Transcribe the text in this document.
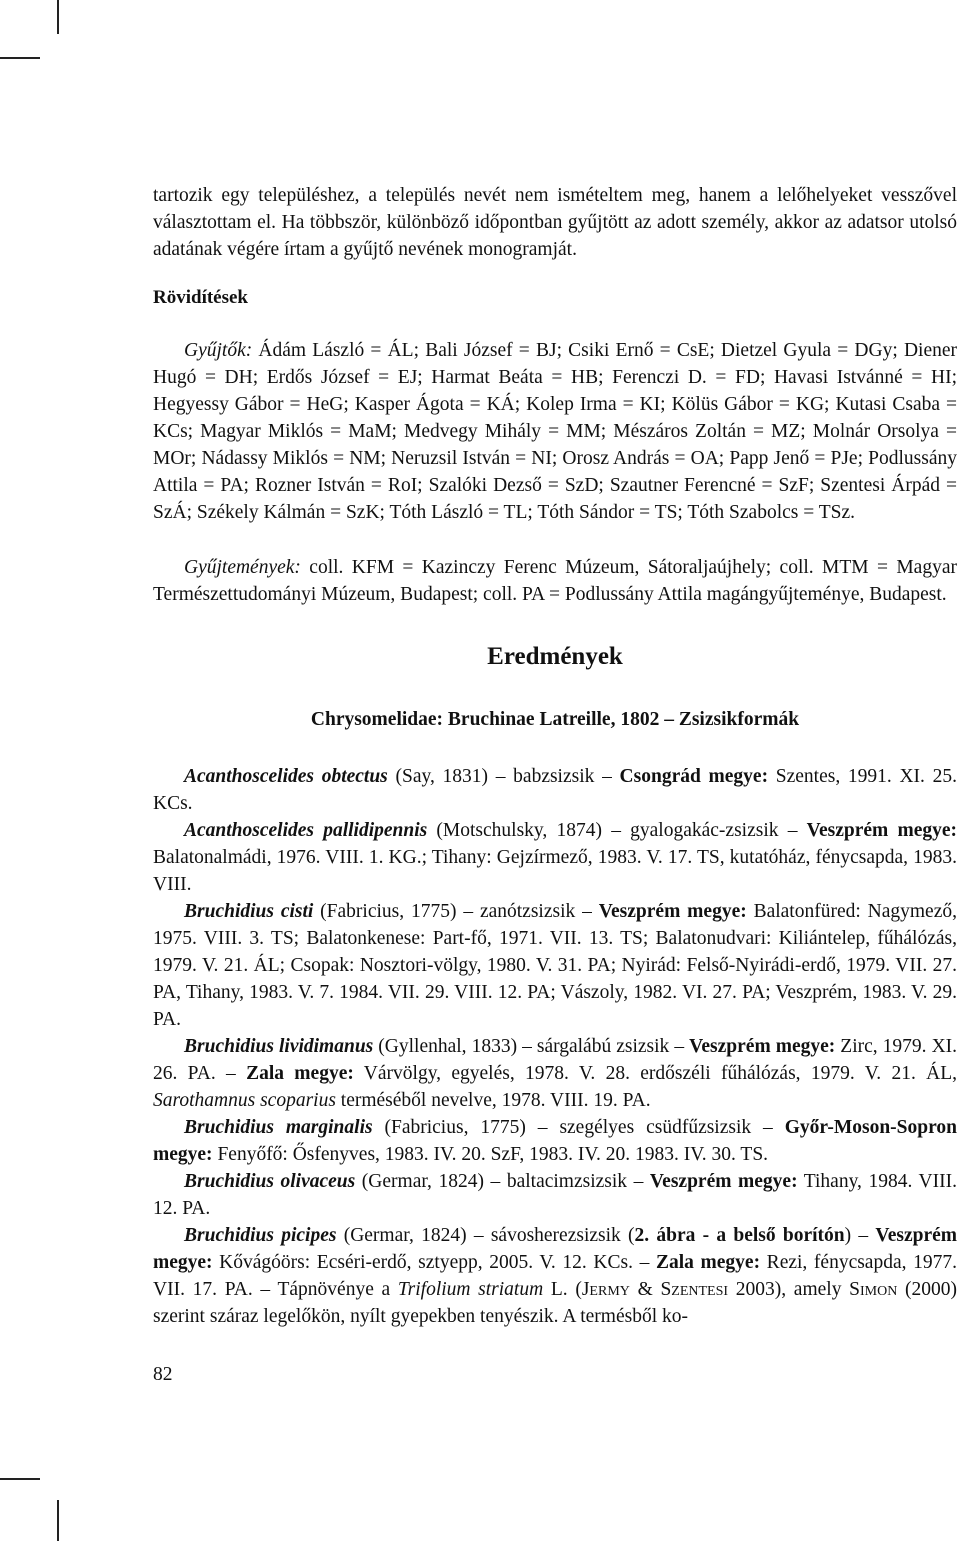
tartozik egy településhez, a település nevét nem ismételtem meg, hanem a lelőhelyeket vesszővel választottam el. Ha többször, különböző időpontban gyűjtött az adott személy, akkor az adatsor utolsó adatának végére írtam a gyűjtő nevének monogramját.

Rövidítések

Gyűjtők: Ádám László = ÁL; Bali József = BJ; Csiki Ernő = CsE; Dietzel Gyula = DGy; Diener Hugó = DH; Erdős József = EJ; Harmat Beáta = HB; Ferenczi D. = FD; Havasi Istvánné = HI; Hegyessy Gábor = HeG; Kasper Ágota = KÁ; Kolep Irma = KI; Kölüs Gábor = KG; Kutasi Csaba = KCs; Magyar Miklós = MaM; Medvegy Mihály = MM; Mészáros Zoltán = MZ; Molnár Orsolya = MOr; Nádassy Miklós = NM; Neruzsil István = NI; Orosz András = OA; Papp Jenő = PJe; Podlussány Attila = PA; Rozner István = RoI; Szalóki Dezső = SzD; Szautner Ferencné = SzF; Szentesi Árpád = SzÁ; Székely Kálmán = SzK; Tóth László = TL; Tóth Sándor = TS; Tóth Szabolcs = TSz.

Gyűjtemények: coll. KFM = Kazinczy Ferenc Múzeum, Sátoraljaújhely; coll. MTM = Magyar Természettudományi Múzeum, Budapest; coll. PA = Podlussány Attila magángyűjteménye, Budapest.

Eredmények
Chrysomelidae: Bruchinae Latreille, 1802 – Zsizsikformák

Acanthoscelides obtectus (Say, 1831) – babzsizsik – Csongrád megye: Szentes, 1991. XI. 25. KCs.

Acanthoscelides pallidipennis (Motschulsky, 1874) – gyalogakác-zsizsik – Veszprém megye: Balatonalmádi, 1976. VIII. 1. KG.; Tihany: Gejzírmező, 1983. V. 17. TS, kutatóház, fénycsapda, 1983. VIII.

Bruchidius cisti (Fabricius, 1775) – zanótzsizsik – Veszprém megye: Balatonfüred: Nagymező, 1975. VIII. 3. TS; Balatonkenese: Part-fő, 1971. VII. 13. TS; Balatonudvari: Kiliántelep, fűhálózás, 1979. V. 21. ÁL; Csopak: Nosztori-völgy, 1980. V. 31. PA; Nyirád: Felső-Nyirádi-erdő, 1979. VII. 27. PA, Tihany, 1983. V. 7. 1984. VII. 29. VIII. 12. PA; Vászoly, 1982. VI. 27. PA; Veszprém, 1983. V. 29. PA.

Bruchidius lividimanus (Gyllenhal, 1833) – sárgalábú zsizsik – Veszprém megye: Zirc, 1979. XI. 26. PA. – Zala megye: Várvölgy, egyelés, 1978. V. 28. erdőszéli fűhálózás, 1979. V. 21. ÁL, Sarothamnus scoparius terméséből nevelve, 1978. VIII. 19. PA.

Bruchidius marginalis (Fabricius, 1775) – szegélyes csüdfűzsizsik – Győr-Moson-Sopron megye: Fenyőfő: Ősfenyves, 1983. IV. 20. SzF, 1983. IV. 20. 1983. IV. 30. TS.

Bruchidius olivaceus (Germar, 1824) – baltacimzsizsik – Veszprém megye: Tihany, 1984. VIII. 12. PA.

Bruchidius picipes (Germar, 1824) – sávosherezsizsik (2. ábra - a belső borítón) – Veszprém megye: Kővágóörs: Ecséri-erdő, sztyepp, 2005. V. 12. KCs. – Zala megye: Rezi, fénycsapda, 1977. VII. 17. PA. – Tápnövénye a Trifolium striatum L. (Jermy & Szentesi 2003), amely Simon (2000) szerint száraz legelőkön, nyílt gyepekben tenyészik. A termésből ko-

82
